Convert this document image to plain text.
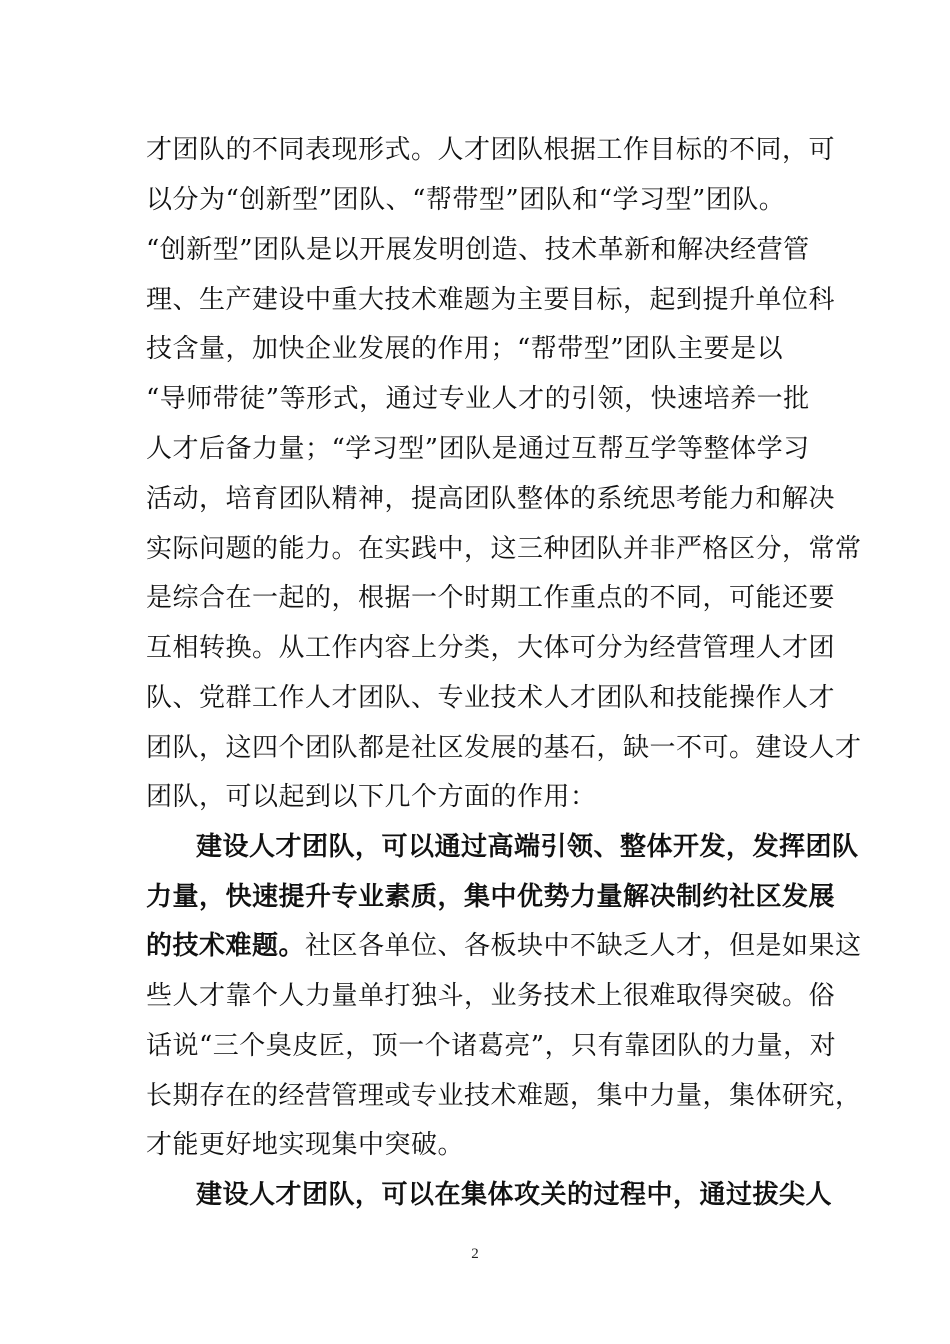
才团队的不同表现形式。人才团队根据工作目标的不同，可
以分为“创新型”团队、“帮带型”团队和“学习型”团队。
“创新型”团队是以开展发明创造、技术革新和解决经营管
理、生产建设中重大技术难题为主要目标，起到提升单位科
技含量，加快企业发展的作用；“帮带型”团队主要是以
“导师带徒”等形式，通过专业人才的引领，快速培养一批
人才后备力量；“学习型”团队是通过互帮互学等整体学习
活动，培育团队精神，提高团队整体的系统思考能力和解决
实际问题的能力。在实践中，这三种团队并非严格区分，常常
是综合在一起的，根据一个时期工作重点的不同，可能还要
互相转换。从工作内容上分类，大体可分为经营管理人才团
队、党群工作人才团队、专业技术人才团队和技能操作人才
团队，这四个团队都是社区发展的基石，缺一不可。建设人才
团队，可以起到以下几个方面的作用：
建设人才团队，可以通过高端引领、整体开发，发挥团队
力量，快速提升专业素质，集中优势力量解决制约社区发展
的技术难题。社区各单位、各板块中不缺乏人才，但是如果这
些人才靠个人力量单打独斗，业务技术上很难取得突破。俗
话说“三个臭皮匠，顶一个诸葛亮”，只有靠团队的力量，对
长期存在的经营管理或专业技术难题，集中力量，集体研究，
才能更好地实现集中突破。
建设人才团队，可以在集体攻关的过程中，通过拔尖人
2
